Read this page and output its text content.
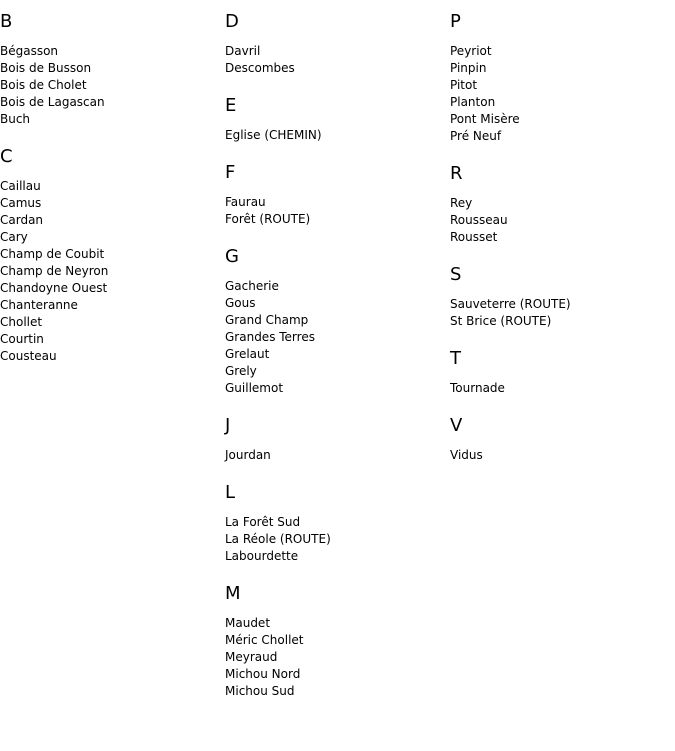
B
Bégasson
Bois de Busson
Bois de Cholet
Bois de Lagascan
Buch
C
Caillau
Camus
Cardan
Cary
Champ de Coubit
Champ de Neyron
Chandoyne Ouest
Chanteranne
Chollet
Courtin
Cousteau
D
Davril
Descombes
E
Eglise (CHEMIN)
F
Faurau
Forêt (ROUTE)
G
Gacherie
Gous
Grand Champ
Grandes Terres
Grelaut
Grely
Guillemot
J
Jourdan
L
La Forêt Sud
La Réole (ROUTE)
Labourdette
M
Maudet
Méric Chollet
Meyraud
Michou Nord
Michou Sud
P
Peyriot
Pinpin
Pitot
Planton
Pont Misère
Pré Neuf
R
Rey
Rousseau
Rousset
S
Sauveterre (ROUTE)
St Brice (ROUTE)
T
Tournade
V
Vidus
